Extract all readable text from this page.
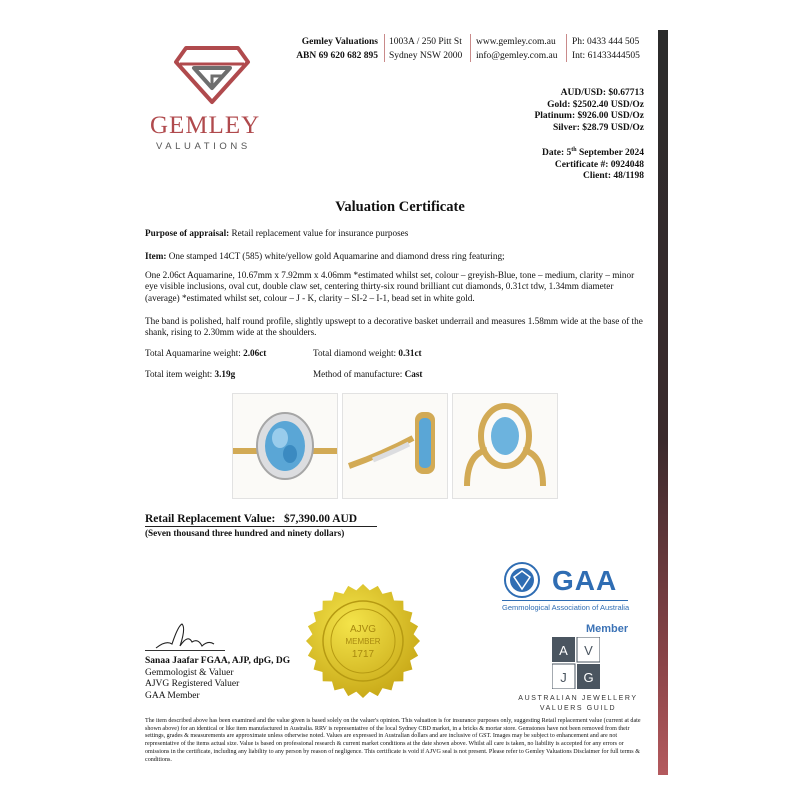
GEMLEY
VALUATIONS
Gemley Valuations
ABN 69 620 682 895
1003A / 250 Pitt St
Sydney NSW 2000
www.gemley.com.au
info@gemley.com.au
Ph: 0433 444 505
Int: 61433444505
AUD/USD: $0.67713
Gold: $2502.40 USD/Oz
Platinum: $926.00 USD/Oz
Silver: $28.79 USD/Oz
Date: 5th September 2024
Certificate #: 0924048
Client: 48/1198
Valuation Certificate
Purpose of appraisal: Retail replacement value for insurance purposes
Item: One stamped 14CT (585) white/yellow gold Aquamarine and diamond dress ring featuring;
One 2.06ct Aquamarine, 10.67mm x 7.92mm x 4.06mm *estimated whilst set, colour – greyish-Blue, tone – medium, clarity – minor eye visible inclusions, oval cut, double claw set, centering thirty-six round brilliant cut diamonds, 0.31ct tdw, 1.34mm diameter (average) *estimated whilst set, colour – J - K, clarity – SI-2 – I-1, bead set in white gold.
The band is polished, half round profile, slightly upswept to a decorative basket underrail and measures 1.58mm wide at the base of the shank, rising to 2.30mm wide at the shoulders.
Total Aquamarine weight: 2.06ct	Total diamond weight: 0.31ct
Total item weight: 3.19g	Method of manufacture: Cast
Retail Replacement Value: $7,390.00 AUD
(Seven thousand three hundred and ninety dollars)
AJVG
MEMBER
1717
Sanaa Jaafar FGAA, AJP, dpG, DG
Gemmologist & Valuer
AJVG Registered Valuer
GAA Member
GAA
Gemmological Association of Australia
Member
A V
J G
AUSTRALIAN JEWELLERY
VALUERS GUILD
The item described above has been examined and the value given is based solely on the valuer's opinion. This valuation is for insurance purposes only, suggesting Retail replacement value (current at date shown above) for an identical or like item manufactured in Australia. RRV is representative of the local Sydney CBD market, in a bricks & mortar store. Gemstones have not been removed from their settings, grades & measurements are approximate unless otherwise noted. Values are expressed in Australian dollars and are inclusive of GST. Images may be subject to enhancement and are not representative of the items actual size. Value is based on professional research & current market conditions at the date shown above. Whilst all care is taken, no liability is accepted for any errors or omissions in the certificate, including any liability to any person by reason of negligence. This certificate is void if AJVG seal is not present. Please refer to Gemley Valuations Disclaimer for full terms & conditions.
